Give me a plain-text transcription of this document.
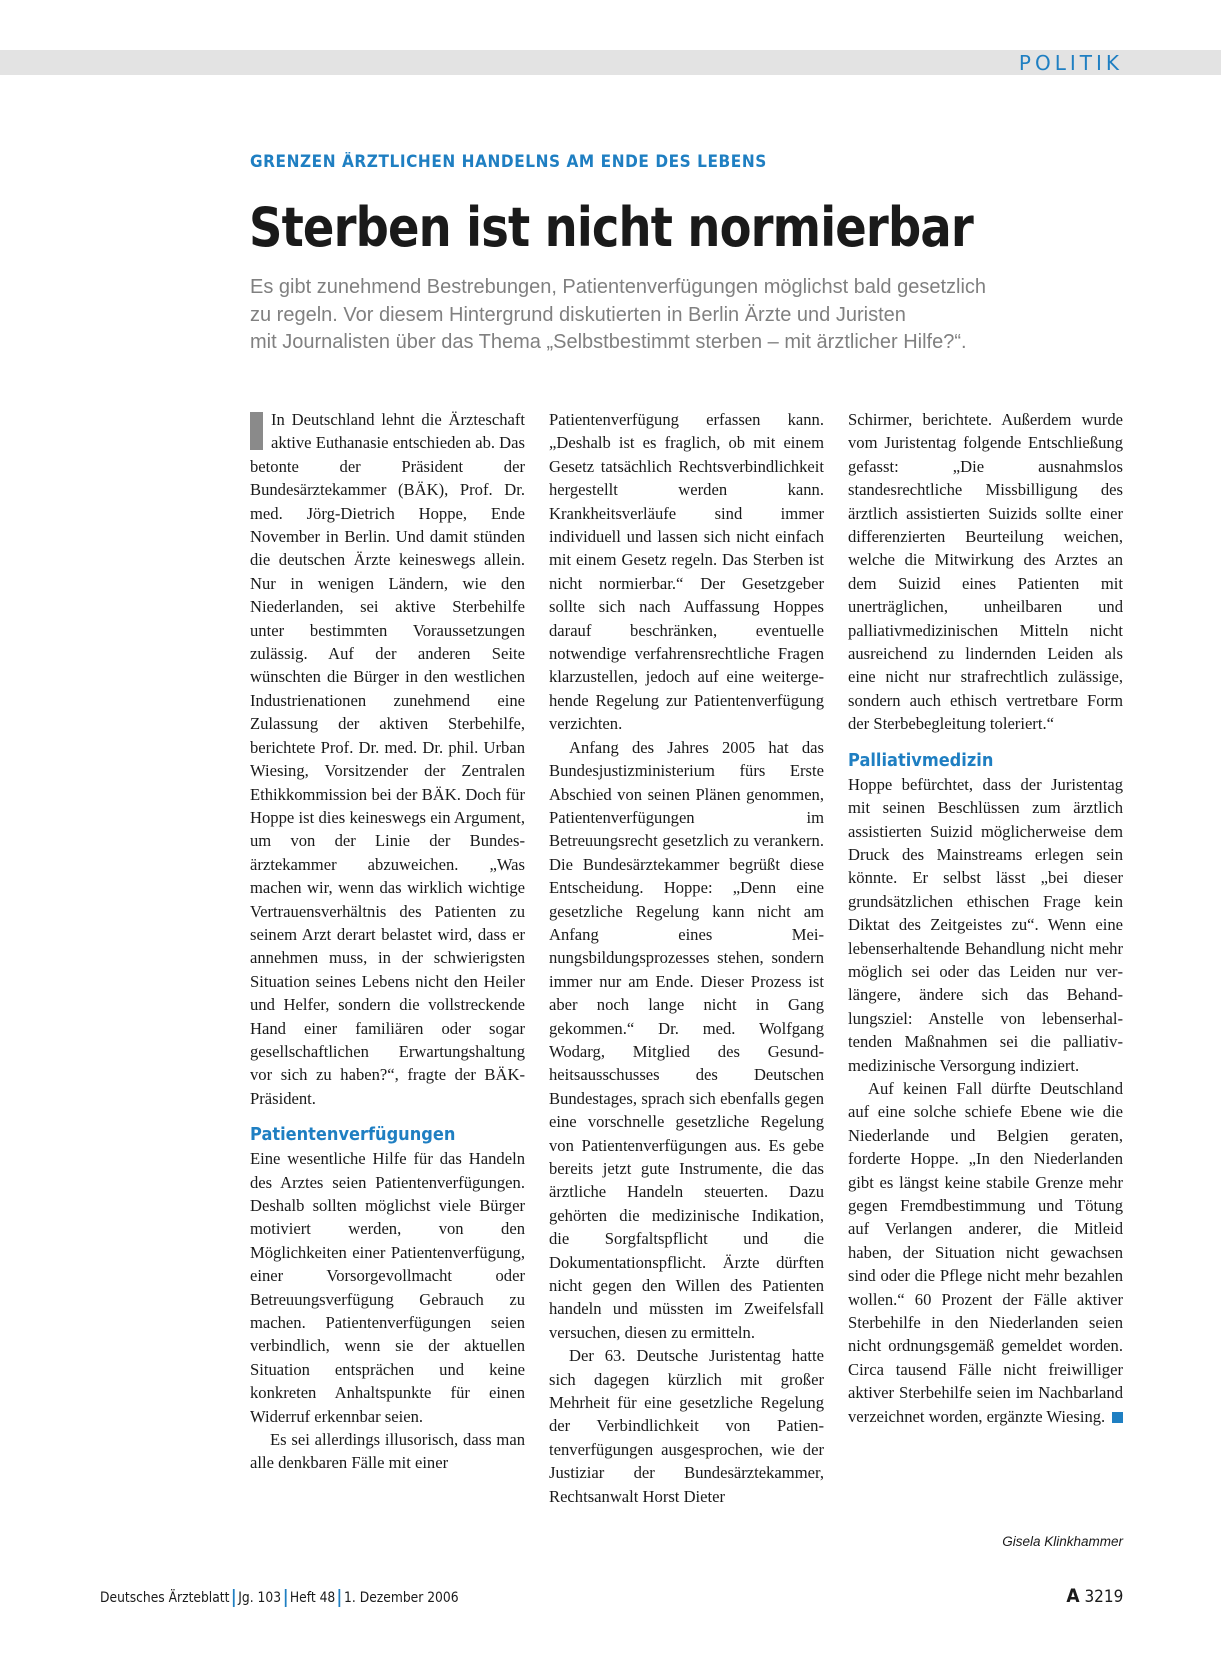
POLITIK

GRENZEN ÄRZTLICHEN HANDELNS AM ENDE DES LEBENS

Sterben ist nicht normierbar
Es gibt zunehmend Bestrebungen, Patientenverfügungen möglichst bald gesetzlich
zu regeln. Vor diesem Hintergrund diskutierten in Berlin Ärzte und Juristen
mit Journalisten über das Thema „Selbstbestimmt sterben – mit ärztlicher Hilfe?“.

In Deutschland lehnt die Ärzteschaft aktive Euthanasie entschieden ab. Das betonte der Präsident der Bundesärztekammer (BÄK), Prof. Dr. med. Jörg-Dietrich Hoppe, Ende November in Berlin. Und damit stünden die deutschen Ärzte keineswegs allein. Nur in wenigen Ländern, wie den Niederlanden, sei aktive Sterbehilfe unter bestimmten Voraussetzungen zulässig. Auf der anderen Seite wünschten die Bürger in den westlichen Industrienationen zunehmend eine Zulassung der aktiven Sterbehilfe, berichtete Prof. Dr. med. Dr. phil. Urban Wiesing, Vorsitzender der Zentralen Ethikkommission bei der BÄK. Doch für Hoppe ist dies keineswegs ein Argument, um von der Linie der Bundesärztekammer abzuweichen. „Was machen wir, wenn das wirklich wichtige Vertrauensverhältnis des Patienten zu seinem Arzt derart belastet wird, dass er annehmen muss, in der schwierigsten Situation seines Lebens nicht den Heiler und Helfer, sondern die vollstreckende Hand einer familiären oder sogar gesellschaftlichen Erwartungshaltung vor sich zu haben?“, fragte der BÄK-Präsident.

Patientenverfügungen

Eine wesentliche Hilfe für das Handeln des Arztes seien Patientenverfügungen. Deshalb sollten möglichst viele Bürger motiviert werden, von den Möglichkeiten einer Patientenverfügung, einer Vorsorgevollmacht oder Betreuungsverfügung Gebrauch zu machen. Patientenverfügungen seien verbindlich, wenn sie der aktuellen Situation entsprächen und keine konkreten Anhaltspunkte für einen Widerruf erkennbar seien.

Es sei allerdings illusorisch, dass man alle denkbaren Fälle mit einer

Patientenverfügung erfassen kann. „Deshalb ist es fraglich, ob mit einem Gesetz tatsächlich Rechtsverbindlichkeit hergestellt werden kann. Krankheitsverläufe sind immer individuell und lassen sich nicht einfach mit einem Gesetz regeln. Das Sterben ist nicht normierbar.“ Der Gesetzgeber sollte sich nach Auffassung Hoppes darauf beschränken, eventuelle notwendige verfahrensrechtliche Fragen klarzustellen, jedoch auf eine weitergehende Regelung zur Patientenverfügung verzichten.

Anfang des Jahres 2005 hat das Bundesjustizministerium fürs Erste Abschied von seinen Plänen genommen, Patientenverfügungen im Betreuungsrecht gesetzlich zu verankern. Die Bundesärztekammer begrüßt diese Entscheidung. Hoppe: „Denn eine gesetzliche Regelung kann nicht am Anfang eines Meinungsbildungsprozesses stehen, sondern immer nur am Ende. Dieser Prozess ist aber noch lange nicht in Gang gekommen.“ Dr. med. Wolfgang Wodarg, Mitglied des Gesundheitsausschusses des Deutschen Bundestages, sprach sich ebenfalls gegen eine vorschnelle gesetzliche Regelung von Patientenverfügungen aus. Es gebe bereits jetzt gute Instrumente, die das ärztliche Handeln steuerten. Dazu gehörten die medizinische Indikation, die Sorgfaltspflicht und die Dokumentationspflicht. Ärzte dürften nicht gegen den Willen des Patienten handeln und müssten im Zweifelsfall versuchen, diesen zu ermitteln.

Der 63. Deutsche Juristentag hatte sich dagegen kürzlich mit großer Mehrheit für eine gesetzliche Regelung der Verbindlichkeit von Patientenverfügungen ausgesprochen, wie der Justiziar der Bundesärztekammer, Rechtsanwalt Horst Dieter

Schirmer, berichtete. Außerdem wurde vom Juristentag folgende Entschließung gefasst: „Die ausnahmslos standesrechtliche Missbilligung des ärztlich assistierten Suizids sollte einer differenzierten Beurteilung weichen, welche die Mitwirkung des Arztes an dem Suizid eines Patienten mit unerträglichen, unheilbaren und palliativmedizinischen Mitteln nicht ausreichend zu lindernden Leiden als eine nicht nur strafrechtlich zulässige, sondern auch ethisch vertretbare Form der Sterbebegleitung toleriert.“

Palliativmedizin

Hoppe befürchtet, dass der Juristentag mit seinen Beschlüssen zum ärztlich assistierten Suizid möglicherweise dem Druck des Mainstreams erlegen sein könnte. Er selbst lässt „bei dieser grundsätzlichen ethischen Frage kein Diktat des Zeitgeistes zu“. Wenn eine lebenserhaltende Behandlung nicht mehr möglich sei oder das Leiden nur verlängere, ändere sich das Behandlungsziel: Anstelle von lebenserhaltenden Maßnahmen sei die palliativmedizinische Versorgung indiziert.

Auf keinen Fall dürfte Deutschland auf eine solche schiefe Ebene wie die Niederlande und Belgien geraten, forderte Hoppe. „In den Niederlanden gibt es längst keine stabile Grenze mehr gegen Fremdbestimmung und Tötung auf Verlangen anderer, die Mitleid haben, der Situation nicht gewachsen sind oder die Pflege nicht mehr bezahlen wollen.“ 60 Prozent der Fälle aktiver Sterbehilfe in den Niederlanden seien nicht ordnungsgemäß gemeldet worden. Circa tausend Fälle nicht freiwilliger aktiver Sterbehilfe seien im Nachbarland verzeichnet worden, ergänzte Wiesing.

Gisela Klinkhammer

Deutsches Ärzteblatt Jg. 103 Heft 48 1. Dezember 2006	A 3219
